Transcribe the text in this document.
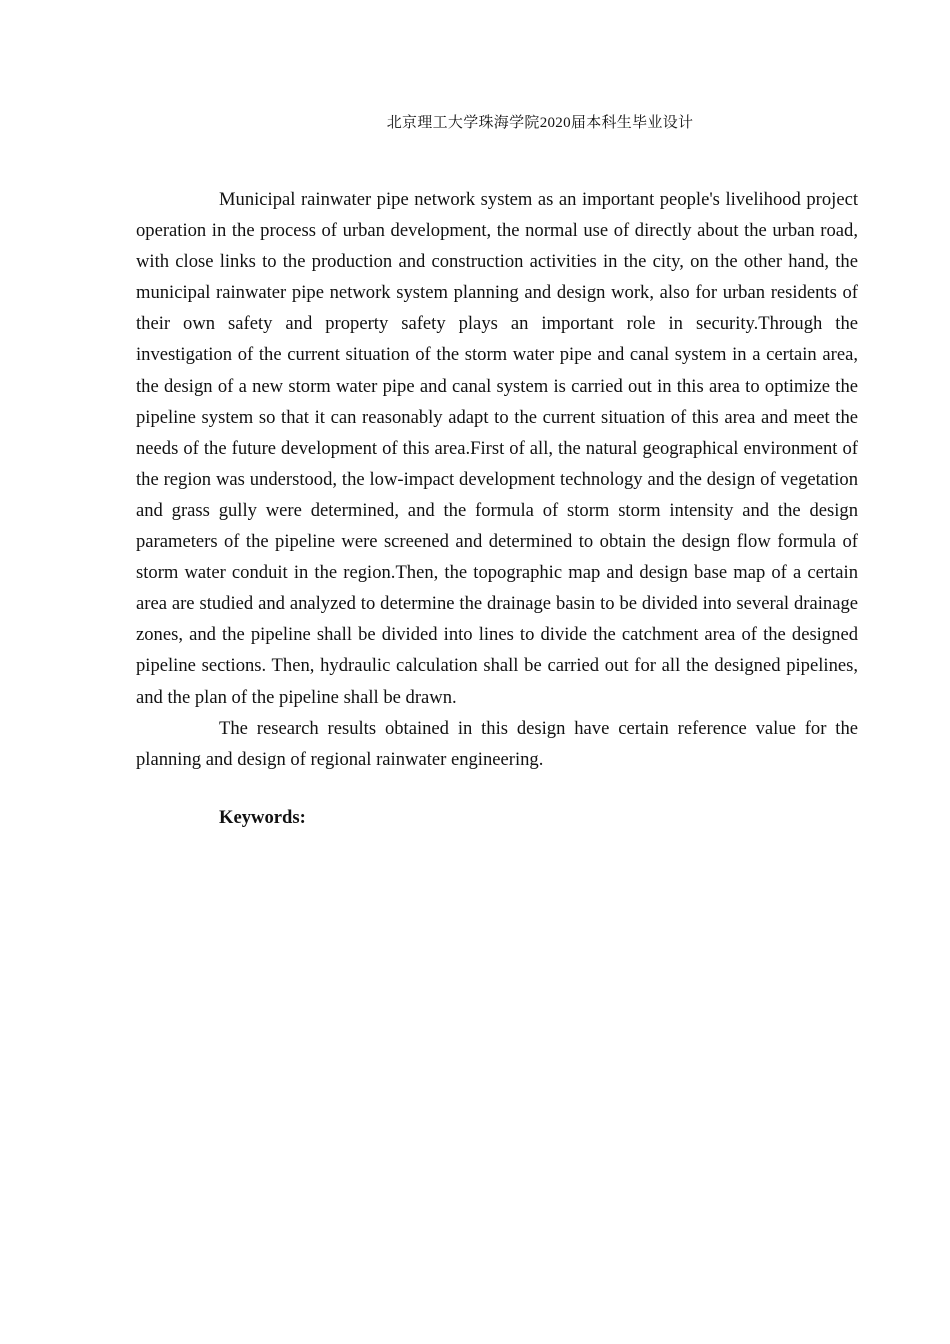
北京理工大学珠海学院2020届本科生毕业设计

Municipal rainwater pipe network system as an important people's livelihood project operation in the process of urban development, the normal use of directly about the urban road, with close links to the production and construction activities in the city, on the other hand, the municipal rainwater pipe network system planning and design work, also for urban residents of their own safety and property safety plays an important role in security.Through the investigation of the current situation of the storm water pipe and canal system in a certain area, the design of a new storm water pipe and canal system is carried out in this area to optimize the pipeline system so that it can reasonably adapt to the current situation of this area and meet the needs of the future development of this area.First of all, the natural geographical environment of the region was understood, the low-impact development technology and the design of vegetation and grass gully were determined, and the formula of storm storm intensity and the design parameters of the pipeline were screened and determined to obtain the design flow formula of storm water conduit in the region.Then, the topographic map and design base map of a certain area are studied and analyzed to determine the drainage basin to be divided into several drainage zones, and the pipeline shall be divided into lines to divide the catchment area of the designed pipeline sections. Then, hydraulic calculation shall be carried out for all the designed pipelines, and the plan of the pipeline shall be drawn.

The research results obtained in this design have certain reference value for the planning and design of regional rainwater engineering.

Keywords:
